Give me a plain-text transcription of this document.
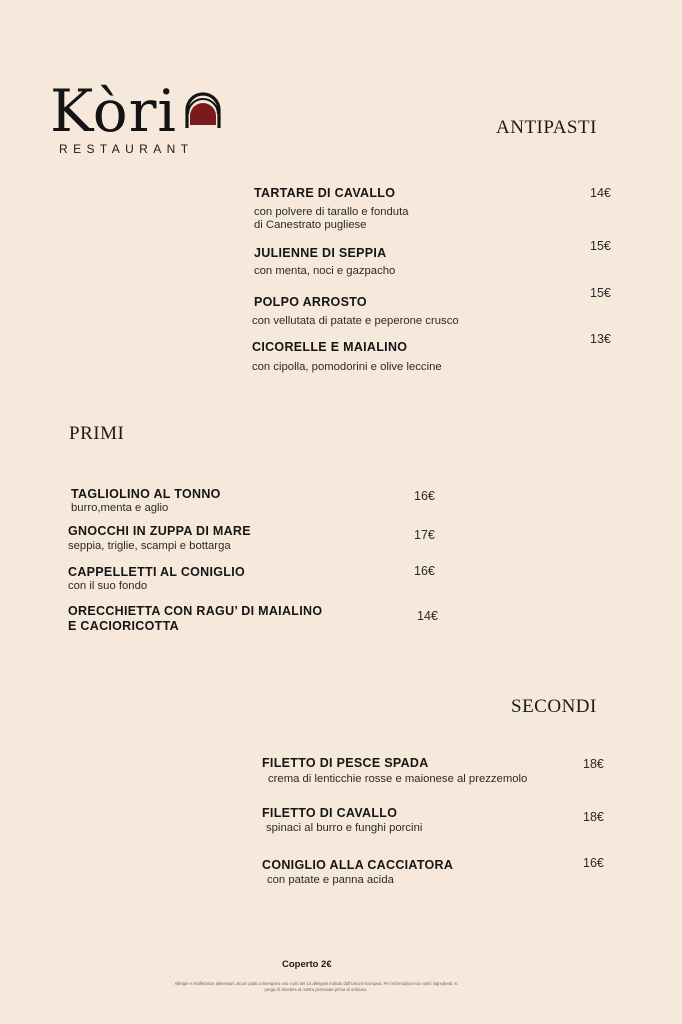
Kòri
RESTAURANT
ANTIPASTI
TARTARE DI CAVALLO
con polvere di tarallo e fonduta
di Canestrato pugliese
14€
JULIENNE DI SEPPIA
con menta, noci e gazpacho
15€
POLPO ARROSTO
con vellutata di patate e peperone crusco
15€
CICORELLE E MAIALINO
con cipolla, pomodorini e olive leccine
13€
PRIMI
TAGLIOLINO AL TONNO
burro,menta e aglio
16€
GNOCCHI IN ZUPPA DI MARE
seppia, triglie, scampi e bottarga
17€
CAPPELLETTI AL CONIGLIO
con il suo fondo
16€
ORECCHIETTA CON RAGU’ DI MAIALINO
E CACIORICOTTA
14€
SECONDI
FILETTO DI PESCE SPADA
crema di lenticchie rosse e maionese al prezzemolo
18€
FILETTO DI CAVALLO
spinaci al burro e funghi porcini
18€
CONIGLIO ALLA CACCIATORA
con patate e panna acida
16€
Coperto 2€
Allergie e intolleranze alimentari: alcuni piatti contengono uno o più dei 14 allergeni indicati dall'Unione Europea. Per informazioni sui nostri ingredienti, si
prega di chiedere al nostro personale prima di ordinare.
